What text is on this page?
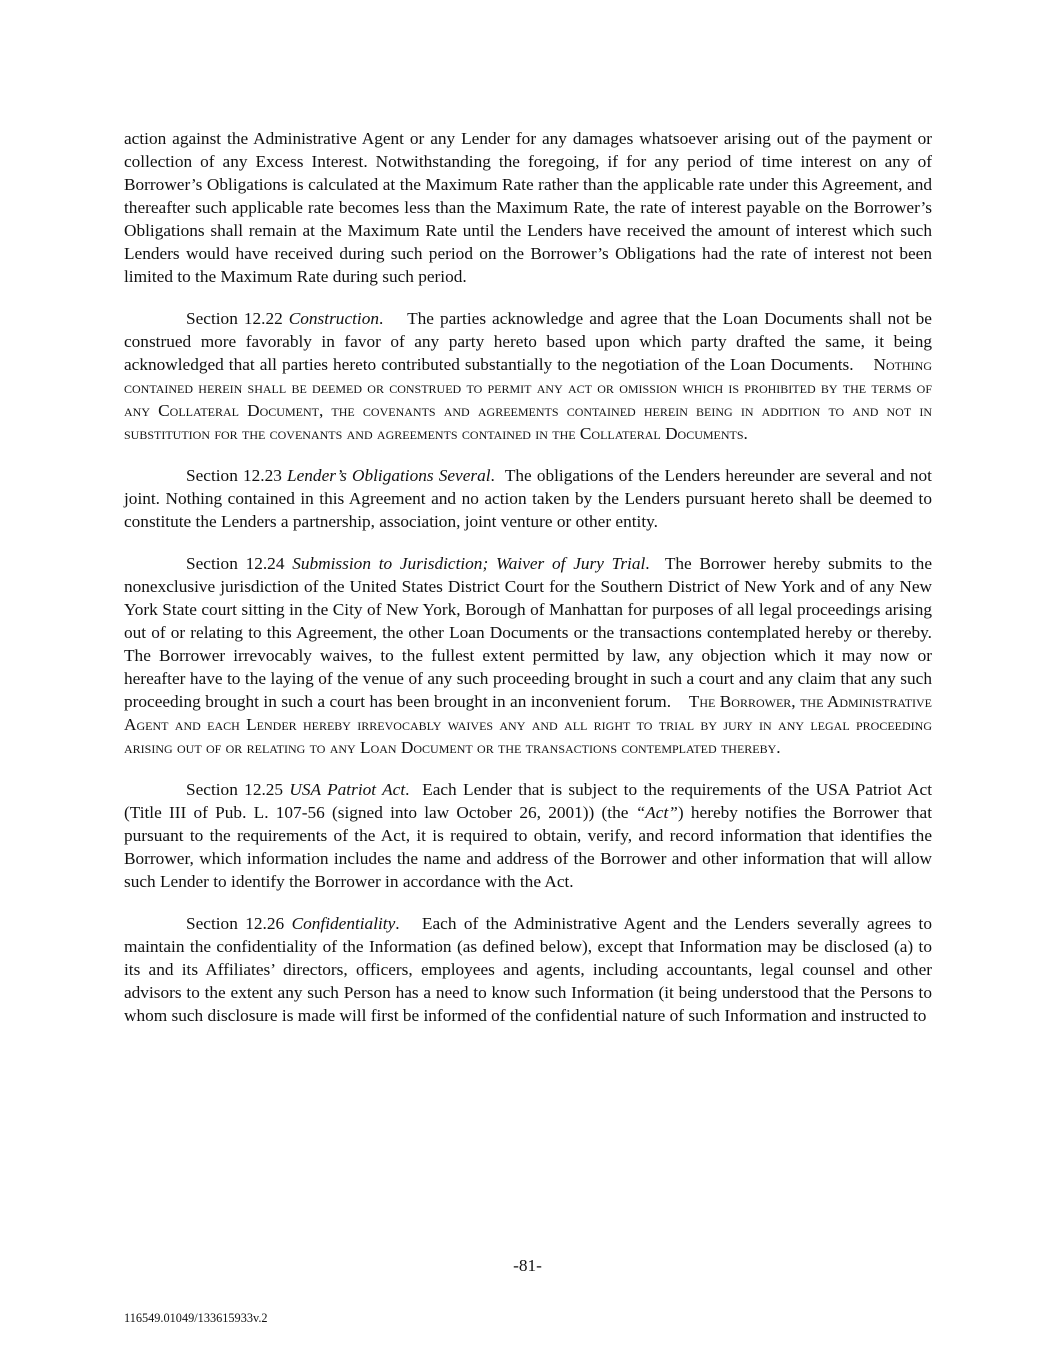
action against the Administrative Agent or any Lender for any damages whatsoever arising out of the payment or collection of any Excess Interest. Notwithstanding the foregoing, if for any period of time interest on any of Borrower’s Obligations is calculated at the Maximum Rate rather than the applicable rate under this Agreement, and thereafter such applicable rate becomes less than the Maximum Rate, the rate of interest payable on the Borrower’s Obligations shall remain at the Maximum Rate until the Lenders have received the amount of interest which such Lenders would have received during such period on the Borrower’s Obligations had the rate of interest not been limited to the Maximum Rate during such period.

Section 12.22 Construction.    The parties acknowledge and agree that the Loan Documents shall not be construed more favorably in favor of any party hereto based upon which party drafted the same, it being acknowledged that all parties hereto contributed substantially to the negotiation of the Loan Documents. Nothing contained herein shall be deemed or construed to permit any act or omission which is prohibited by the terms of any Collateral Document, the covenants and agreements contained herein being in addition to and not in substitution for the covenants and agreements contained in the Collateral Documents.

Section 12.23 Lender’s Obligations Several.  The obligations of the Lenders hereunder are several and not joint. Nothing contained in this Agreement and no action taken by the Lenders pursuant hereto shall be deemed to constitute the Lenders a partnership, association, joint venture or other entity.

Section 12.24 Submission to Jurisdiction; Waiver of Jury Trial.  The Borrower hereby submits to the nonexclusive jurisdiction of the United States District Court for the Southern District of New York and of any New York State court sitting in the City of New York, Borough of Manhattan for purposes of all legal proceedings arising out of or relating to this Agreement, the other Loan Documents or the transactions contemplated hereby or thereby. The Borrower irrevocably waives, to the fullest extent permitted by law, any objection which it may now or hereafter have to the laying of the venue of any such proceeding brought in such a court and any claim that any such proceeding brought in such a court has been brought in an inconvenient forum. The Borrower, the Administrative Agent and each Lender hereby irrevocably waives any and all right to trial by jury in any legal proceeding arising out of or relating to any Loan Document or the transactions contemplated thereby.

Section 12.25 USA Patriot Act.  Each Lender that is subject to the requirements of the USA Patriot Act (Title III of Pub. L. 107-56 (signed into law October 26, 2001)) (the “Act”) hereby notifies the Borrower that pursuant to the requirements of the Act, it is required to obtain, verify, and record information that identifies the Borrower, which information includes the name and address of the Borrower and other information that will allow such Lender to identify the Borrower in accordance with the Act.

Section 12.26 Confidentiality.   Each of the Administrative Agent and the Lenders severally agrees to maintain the confidentiality of the Information (as defined below), except that Information may be disclosed (a) to its and its Affiliates’ directors, officers, employees and agents, including accountants, legal counsel and other advisors to the extent any such Person has a need to know such Information (it being understood that the Persons to whom such disclosure is made will first be informed of the confidential nature of such Information and instructed to

-81-
116549.01049/133615933v.2
